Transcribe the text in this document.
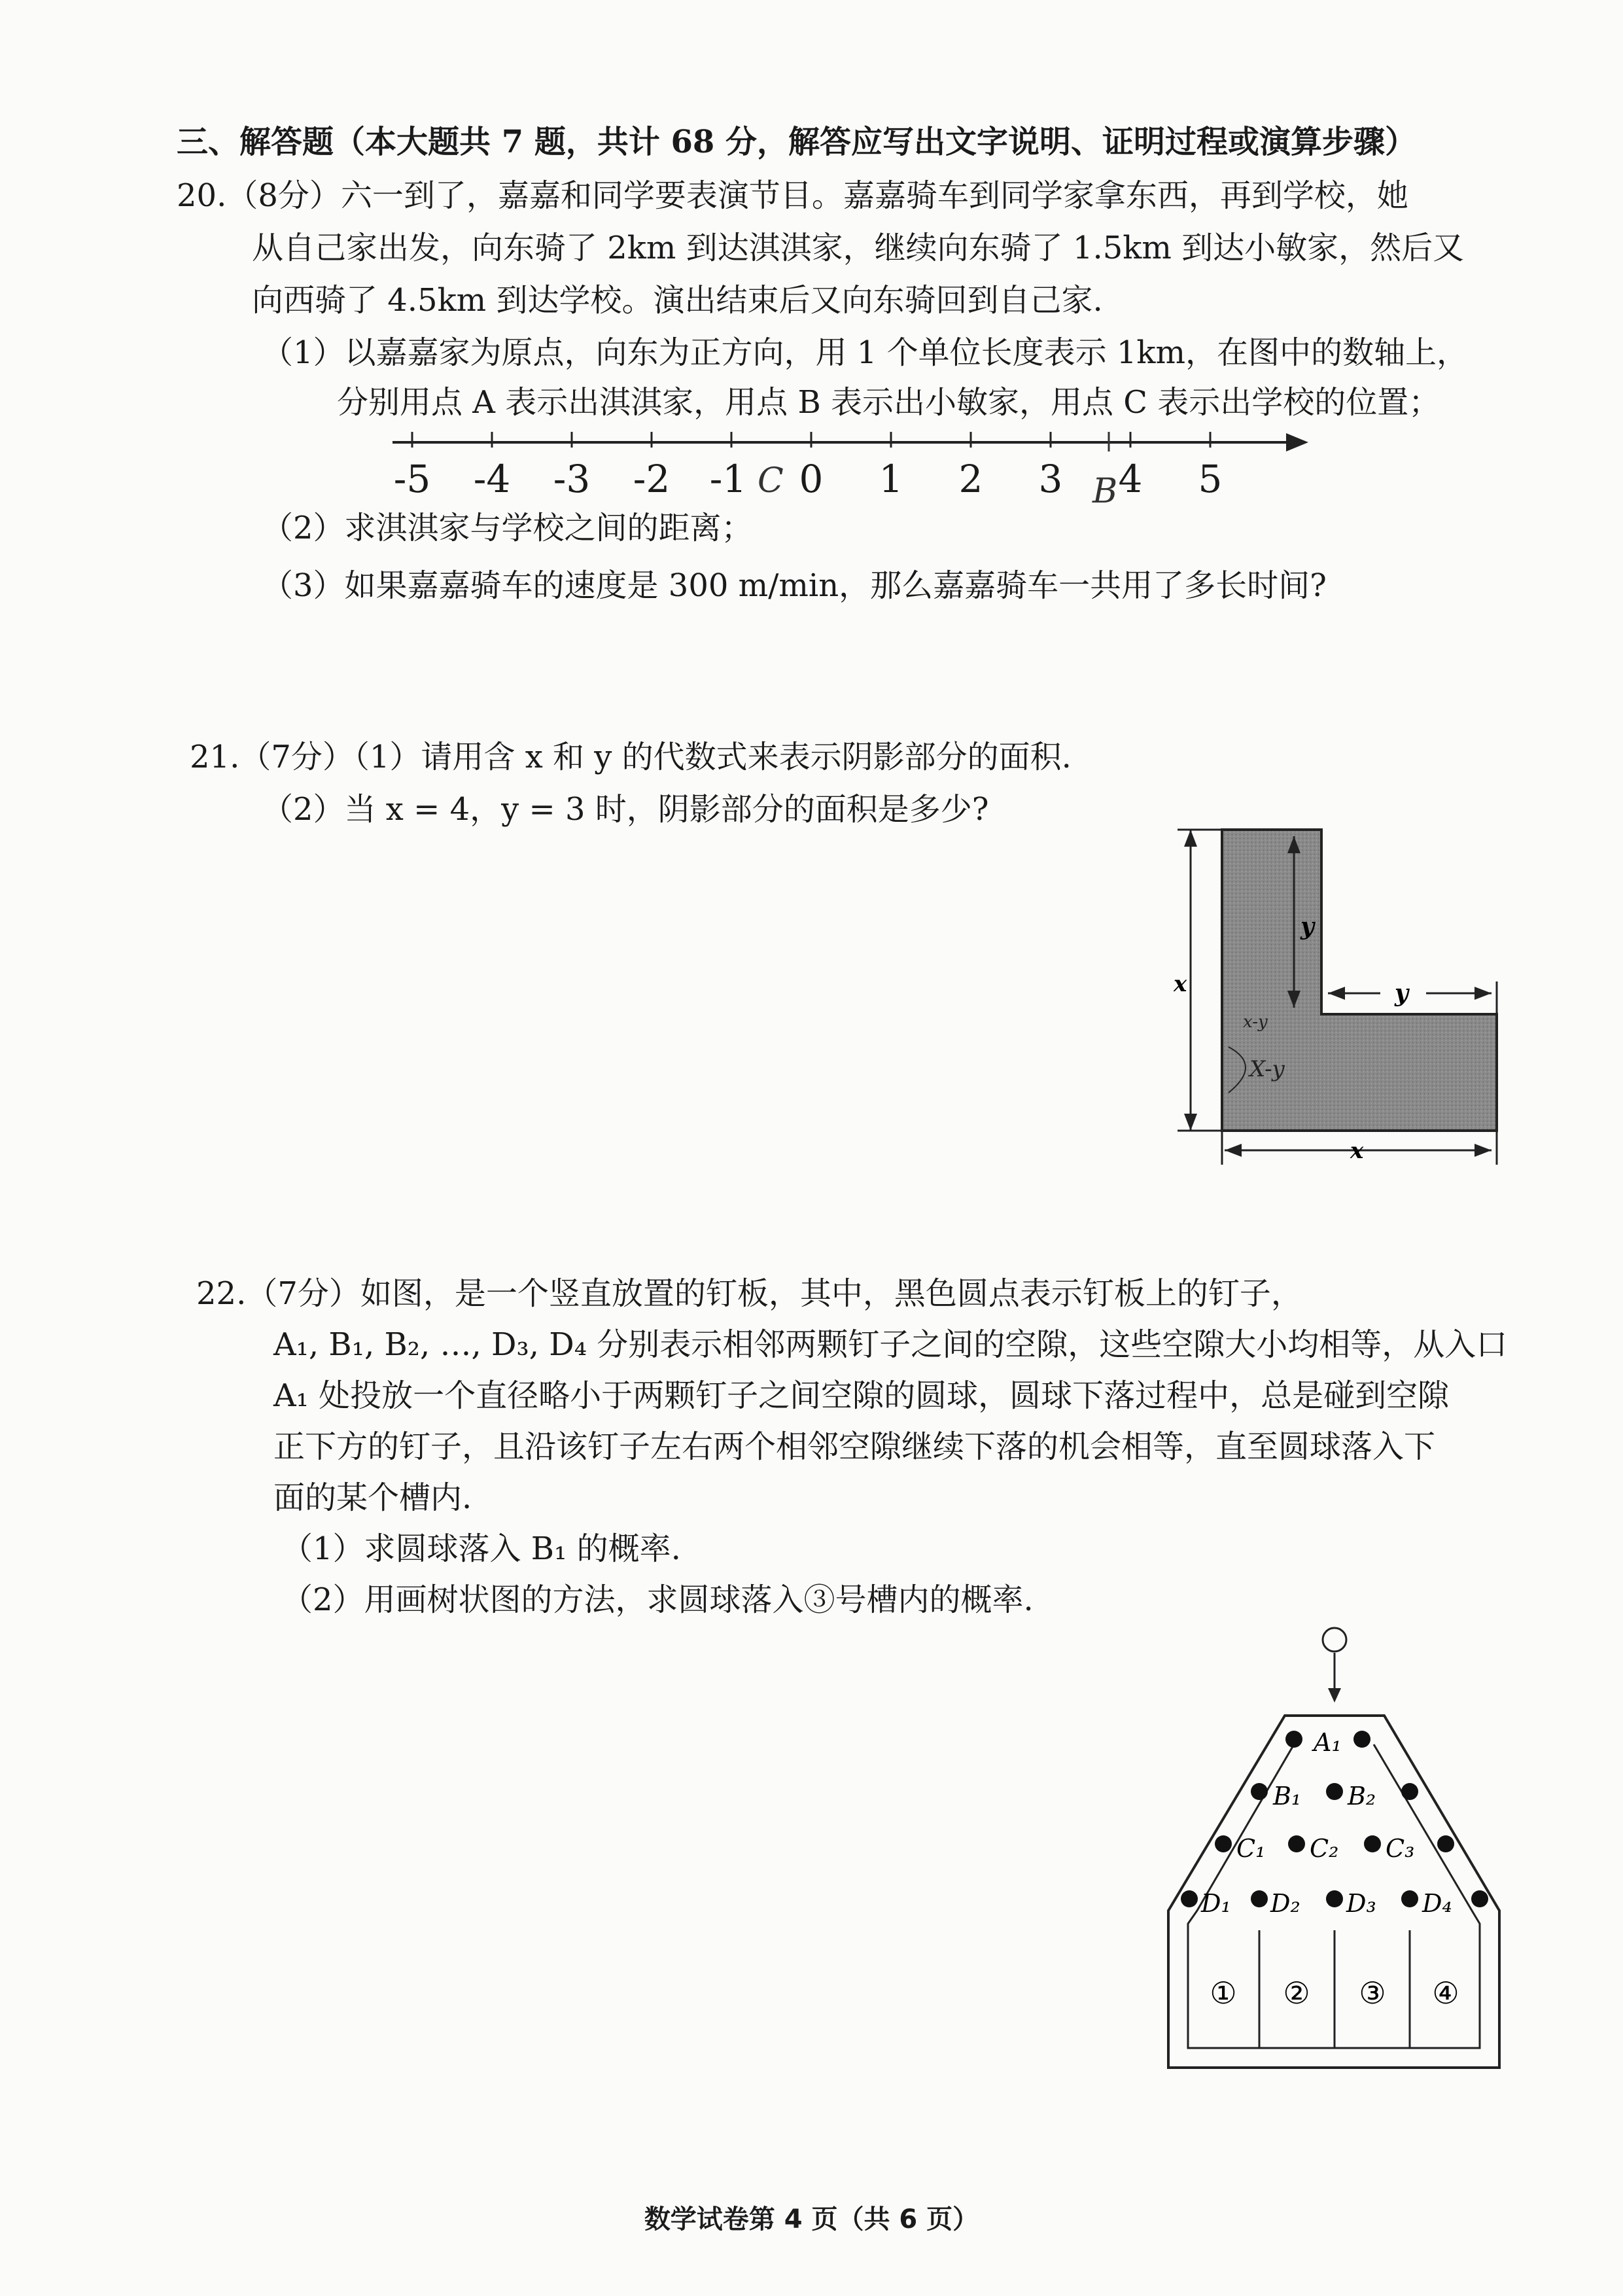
三、解答题（本大题共 7 题，共计 68 分，解答应写出文字说明、证明过程或演算步骤）
20.（8分）六一到了，嘉嘉和同学要表演节目。嘉嘉骑车到同学家拿东西，再到学校，她
从自己家出发，向东骑了 2km 到达淇淇家，继续向东骑了 1.5km 到达小敏家，然后又
向西骑了 4.5km 到达学校。演出结束后又向东骑回到自己家.
（1）以嘉嘉家为原点，向东为正方向，用 1 个单位长度表示 1km，在图中的数轴上，
分别用点 A 表示出淇淇家，用点 B 表示出小敏家，用点 C 表示出学校的位置；
-5 -4 -3 -2 -1 0 1 2 3 4 5
C	B
（2）求淇淇家与学校之间的距离；
（3）如果嘉嘉骑车的速度是 300 m/min，那么嘉嘉骑车一共用了多长时间?
21.（7分）（1）请用含 x 和 y 的代数式来表示阴影部分的面积.
（2）当 x = 4，y = 3 时，阴影部分的面积是多少?
x
y
y
x
x-y
X-y
22.（7分）如图，是一个竖直放置的钉板，其中，黑色圆点表示钉板上的钉子，
A₁, B₁, B₂, …, D₃, D₄ 分别表示相邻两颗钉子之间的空隙，这些空隙大小均相等，从入口
A₁ 处投放一个直径略小于两颗钉子之间空隙的圆球，圆球下落过程中，总是碰到空隙
正下方的钉子，且沿该钉子左右两个相邻空隙继续下落的机会相等，直至圆球落入下
面的某个槽内.
（1）求圆球落入 B₁ 的概率.
（2）用画树状图的方法，求圆球落入③号槽内的概率.
A₁
B₁ B₂
C₁ C₂ C₃
D₁ D₂ D₃ D₄
① ② ③ ④
数学试卷第 4 页（共 6 页）
